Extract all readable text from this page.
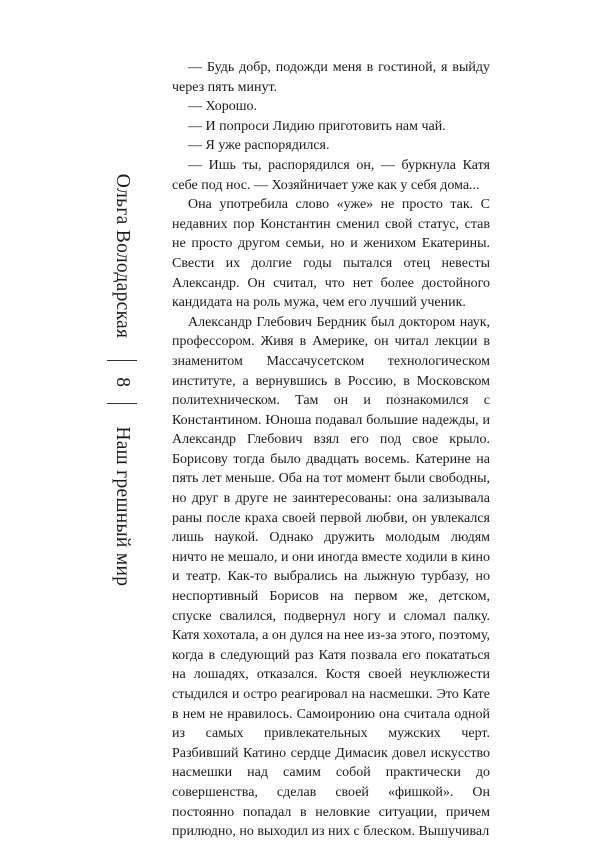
Ольга Володарская
8
Наш грешный мир

— Будь добр, подожди меня в гостиной, я выйду через пять минут.

— Хорошо.

— И попроси Лидию приготовить нам чай.

— Я уже распорядился.

— Ишь ты, распорядился он, — буркнула Катя себе под нос. — Хозяйничает уже как у себя дома...

Она употребила слово «уже» не просто так. С недавних пор Константин сменил свой статус, став не просто другом семьи, но и женихом Екатерины. Свести их долгие годы пытался отец невесты Александр. Он считал, что нет более достойного кандидата на роль мужа, чем его лучший ученик.

Александр Глебович Бердник был доктором наук, профессором. Живя в Америке, он читал лекции в знаменитом Массачусетском технологическом институте, а вернувшись в Россию, в Московском политехническом. Там он и познакомился с Константином. Юноша подавал большие надежды, и Александр Глебович взял его под свое крыло. Борисову тогда было двадцать восемь. Катерине на пять лет меньше. Оба на тот момент были свободны, но друг в друге не заинтересованы: она зализывала раны после краха своей первой любви, он увлекался лишь наукой. Однако дружить молодым людям ничто не мешало, и они иногда вместе ходили в кино и театр. Как-то выбрались на лыжную турбазу, но неспортивный Борисов на первом же, детском, спуске свалился, подвернул ногу и сломал палку. Катя хохотала, а он дулся на нее из-за этого, поэтому, когда в следующий раз Катя позвала его покататься на лошадях, отказался. Костя своей неуклюжести стыдился и остро реагировал на насмешки. Это Кате в нем не нравилось. Самоиронию она считала одной из самых привлекательных мужских черт. Разбивший Катино сердце Димасик довел искусство насмешки над самим собой практически до совершенства, сделав своей «фишкой». Он постоянно попадал в неловкие ситуации, причем прилюдно, но выходил из них с блеском. Вышучивал
